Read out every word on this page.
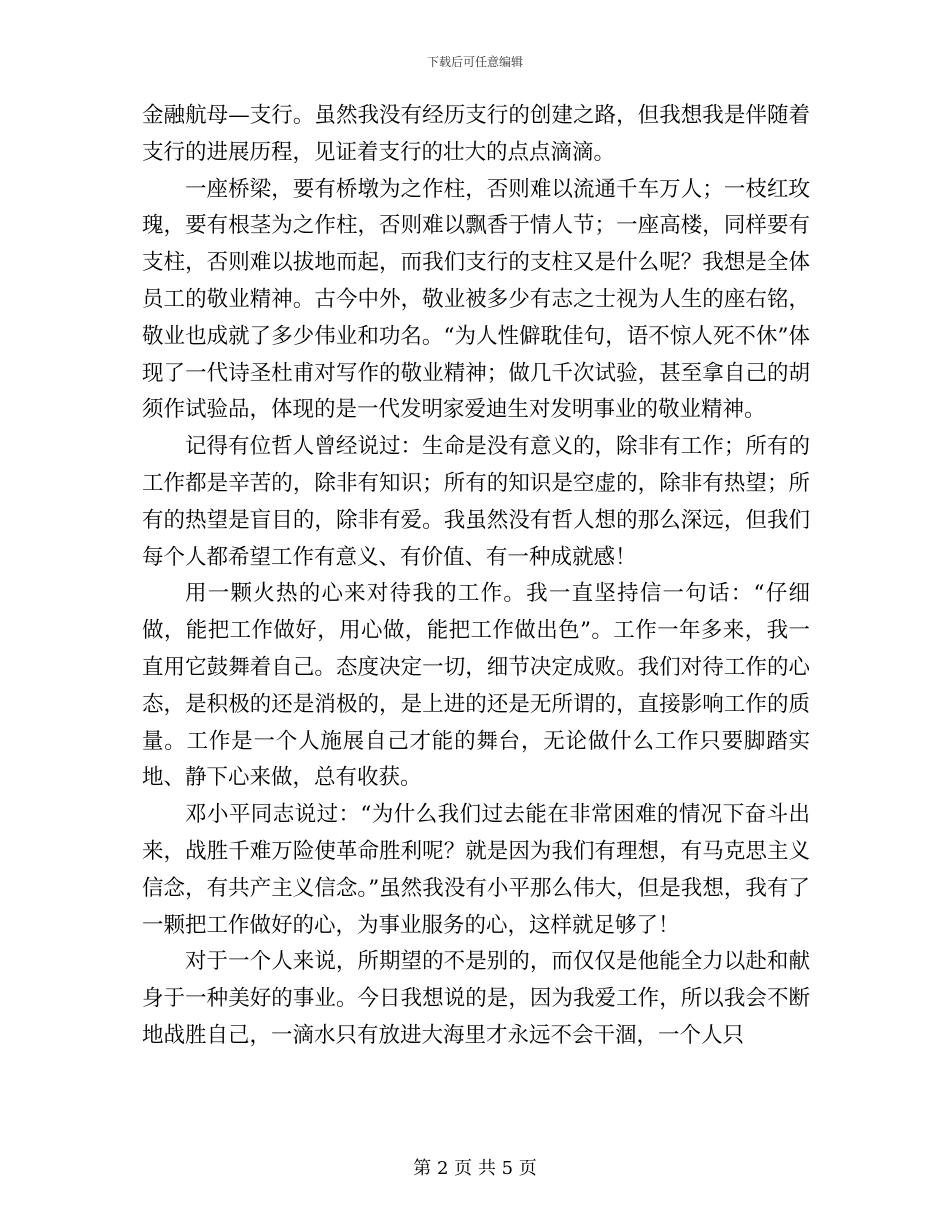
下载后可任意编辑

金融航母—支行。虽然我没有经历支行的创建之路，但我想我是伴随着支行的进展历程，见证着支行的壮大的点点滴滴。

一座桥梁，要有桥墩为之作柱，否则难以流通千车万人；一枝红玫瑰，要有根茎为之作柱，否则难以飘香于情人节；一座高楼，同样要有支柱，否则难以拔地而起，而我们支行的支柱又是什么呢？我想是全体员工的敬业精神。古今中外，敬业被多少有志之士视为人生的座右铭，敬业也成就了多少伟业和功名。“为人性僻耽佳句，语不惊人死不休”体现了一代诗圣杜甫对写作的敬业精神；做几千次试验，甚至拿自己的胡须作试验品，体现的是一代发明家爱迪生对发明事业的敬业精神。

记得有位哲人曾经说过：生命是没有意义的，除非有工作；所有的工作都是辛苦的，除非有知识；所有的知识是空虚的，除非有热望；所有的热望是盲目的，除非有爱。我虽然没有哲人想的那么深远，但我们每个人都希望工作有意义、有价值、有一种成就感！

用一颗火热的心来对待我的工作。我一直坚持信一句话：“仔细做，能把工作做好，用心做，能把工作做出色”。工作一年多来，我一直用它鼓舞着自己。态度决定一切，细节决定成败。我们对待工作的心态，是积极的还是消极的，是上进的还是无所谓的，直接影响工作的质量。工作是一个人施展自己才能的舞台，无论做什么工作只要脚踏实地、静下心来做，总有收获。

邓小平同志说过：“为什么我们过去能在非常困难的情况下奋斗出来，战胜千难万险使革命胜利呢？就是因为我们有理想，有马克思主义信念，有共产主义信念。”虽然我没有小平那么伟大，但是我想，我有了一颗把工作做好的心，为事业服务的心，这样就足够了！

对于一个人来说，所期望的不是别的，而仅仅是他能全力以赴和献身于一种美好的事业。今日我想说的是，因为我爱工作，所以我会不断地战胜自己，一滴水只有放进大海里才永远不会干涸，一个人只

第 2 页 共 5 页
